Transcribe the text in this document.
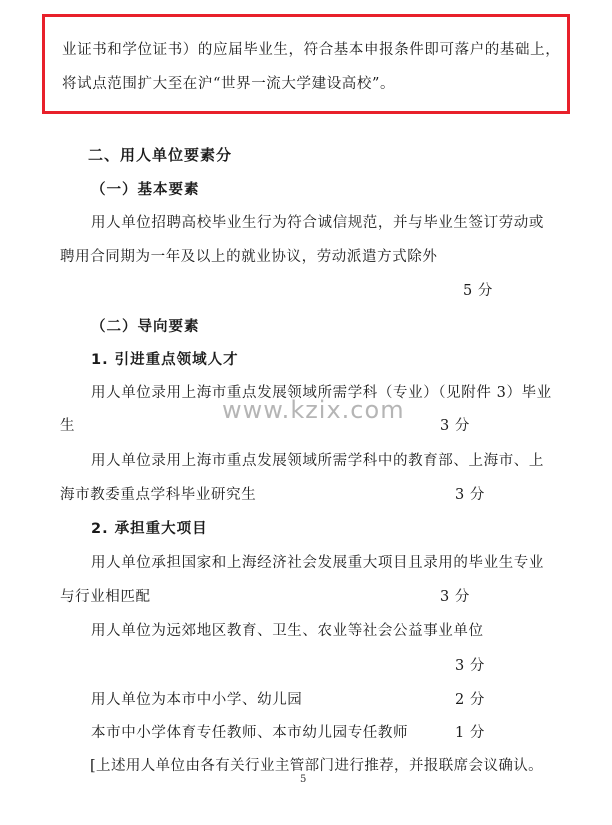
业证书和学位证书）的应届毕业生，符合基本申报条件即可落户的基础上，
将试点范围扩大至在沪“世界一流大学建设高校”。
二、用人单位要素分
（一）基本要素
用人单位招聘高校毕业生行为符合诚信规范，并与毕业生签订劳动或
聘用合同期为一年及以上的就业协议，劳动派遣方式除外
5 分
（二）导向要素
1. 引进重点领域人才
用人单位录用上海市重点发展领域所需学科（专业）（见附件 3）毕业
生	3 分
用人单位录用上海市重点发展领域所需学科中的教育部、上海市、上
海市教委重点学科毕业研究生	3 分
2. 承担重大项目
用人单位承担国家和上海经济社会发展重大项目且录用的毕业生专业
与行业相匹配	3 分
用人单位为远郊地区教育、卫生、农业等社会公益事业单位
3 分
用人单位为本市中小学、幼儿园	2 分
本市中小学体育专任教师、本市幼儿园专任教师	1 分
[上述用人单位由各有关行业主管部门进行推荐，并报联席会议确认。
www.kzix.com
5
